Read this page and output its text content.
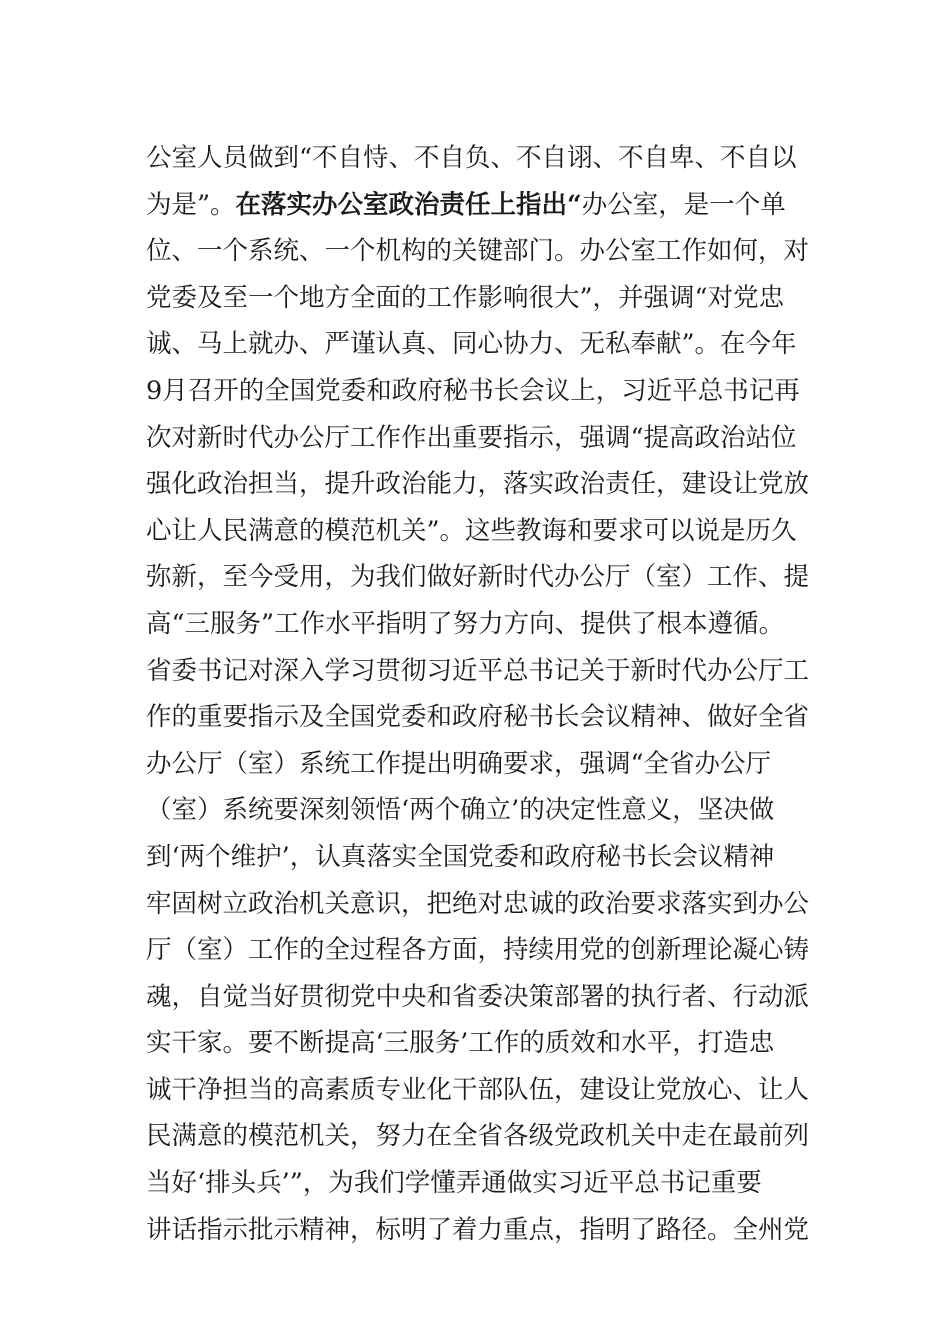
公室人员做到“不自恃、不自负、不自诩、不自卑、不自以
为是”。在落实办公室政治责任上指出“办公室，是一个单
位、一个系统、一个机构的关键部门。办公室工作如何，对
党委及至一个地方全面的工作影响很大”，并强调“对党忠
诚、马上就办、严谨认真、同心协力、无私奉献”。在今年
9月召开的全国党委和政府秘书长会议上，习近平总书记再
次对新时代办公厅工作作出重要指示，强调“提高政治站位
强化政治担当，提升政治能力，落实政治责任，建设让党放
心让人民满意的模范机关”。这些教诲和要求可以说是历久
弥新，至今受用，为我们做好新时代办公厅（室）工作、提
高“三服务”工作水平指明了努力方向、提供了根本遵循。
省委书记对深入学习贯彻习近平总书记关于新时代办公厅工
作的重要指示及全国党委和政府秘书长会议精神、做好全省
办公厅（室）系统工作提出明确要求，强调“全省办公厅
（室）系统要深刻领悟‘两个确立’的决定性意义，坚决做
到‘两个维护’，认真落实全国党委和政府秘书长会议精神
牢固树立政治机关意识，把绝对忠诚的政治要求落实到办公
厅（室）工作的全过程各方面，持续用党的创新理论凝心铸
魂，自觉当好贯彻党中央和省委决策部署的执行者、行动派
实干家。要不断提高‘三服务’工作的质效和水平，打造忠
诚干净担当的高素质专业化干部队伍，建设让党放心、让人
民满意的模范机关，努力在全省各级党政机关中走在最前列
当好‘排头兵’”，为我们学懂弄通做实习近平总书记重要
讲话指示批示精神，标明了着力重点，指明了路径。全州党
